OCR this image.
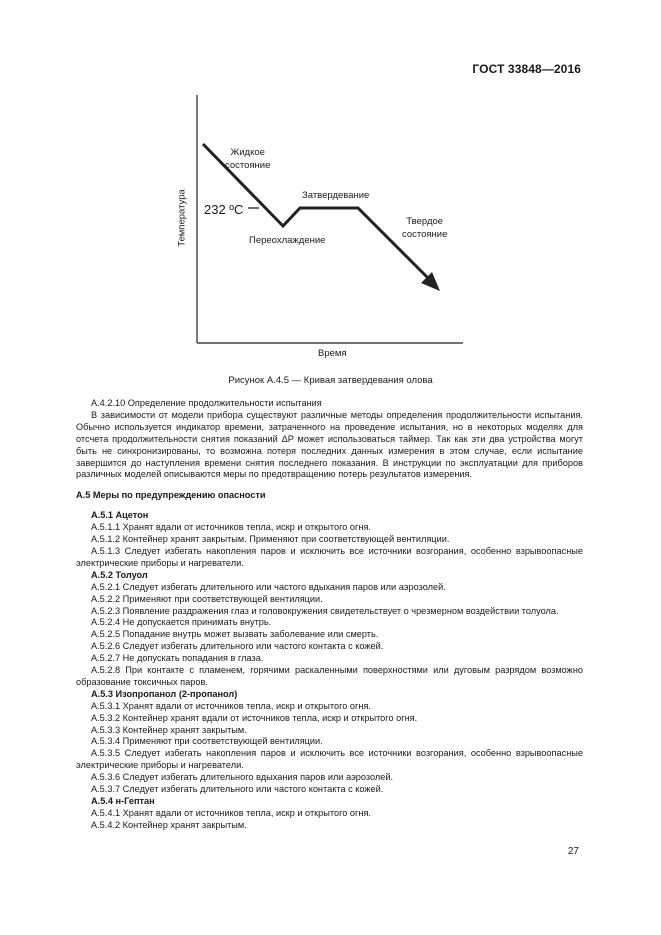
ГОСТ 33848—2016
Жидкое
состояние
Затвердевание
232 ºC
Переохлаждение
Твердое
состояние
Температура
Время
Рисунок А.4.5 — Кривая затвердевания олова

А.4.2.10 Определение продолжительности испытания

В зависимости от модели прибора существуют различные методы определения продолжительности испытания. Обычно используется индикатор времени, затраченного на проведение испытания, но в некоторых моделях для отсчета продолжительности снятия показаний ΔP может использоваться таймер. Так как эти два устройства могут быть не синхронизированы, то возможна потеря последних данных измерения в этом случае, если испытание завершится до наступления времени снятия последнего показания. В инструкции по эксплуатации для приборов различных моделей описываются меры по предотвращению потерь результатов измерения.

А.5 Меры по предупреждению опасности

А.5.1 Ацетон

А.5.1.1 Хранят вдали от источников тепла, искр и открытого огня.

А.5.1.2 Контейнер хранят закрытым. Применяют при соответствующей вентиляции.

А.5.1.3 Следует избегать накопления паров и исключить все источники возгорания, особенно взрывоопасные электрические приборы и нагреватели.

А.5.2 Толуол

А.5.2.1 Следует избегать длительного или частого вдыхания паров или аэрозолей.

А.5.2.2 Применяют при соответствующей вентиляции.

А.5.2.3 Появление раздражения глаз и головокружения свидетельствует о чрезмерном воздействии толуола.

А.5.2.4 Не допускается принимать внутрь.

А.5.2.5 Попадание внутрь может вызвать заболевание или смерть.

А.5.2.6 Следует избегать длительного или частого контакта с кожей.

А.5.2.7 Не допускать попадания в глаза.

А.5.2.8 При контакте с пламенем, горячими раскаленными поверхностями или дуговым разрядом возможно образование токсичных паров.

А.5.3 Изопропанол (2-пропанол)

А.5.3.1 Хранят вдали от источников тепла, искр и открытого огня.

А.5.3.2 Контейнер хранят вдали от источников тепла, искр и открытого огня.

А.5.3.3 Контейнер хранят закрытым.

А.5.3.4 Применяют при соответствующей вентиляции.

А.5.3.5 Следует избегать накопления паров и исключить все источники возгорания, особенно взрывоопасные электрические приборы и нагреватели.

А.5.3.6 Следует избегать длительного вдыхания паров или аэрозолей.

А.5.3.7 Следует избегать длительного или частого контакта с кожей.

А.5.4 н-Гептан

А.5.4.1 Хранят вдали от источников тепла, искр и открытого огня.

А.5.4.2 Контейнер хранят закрытым.

27
